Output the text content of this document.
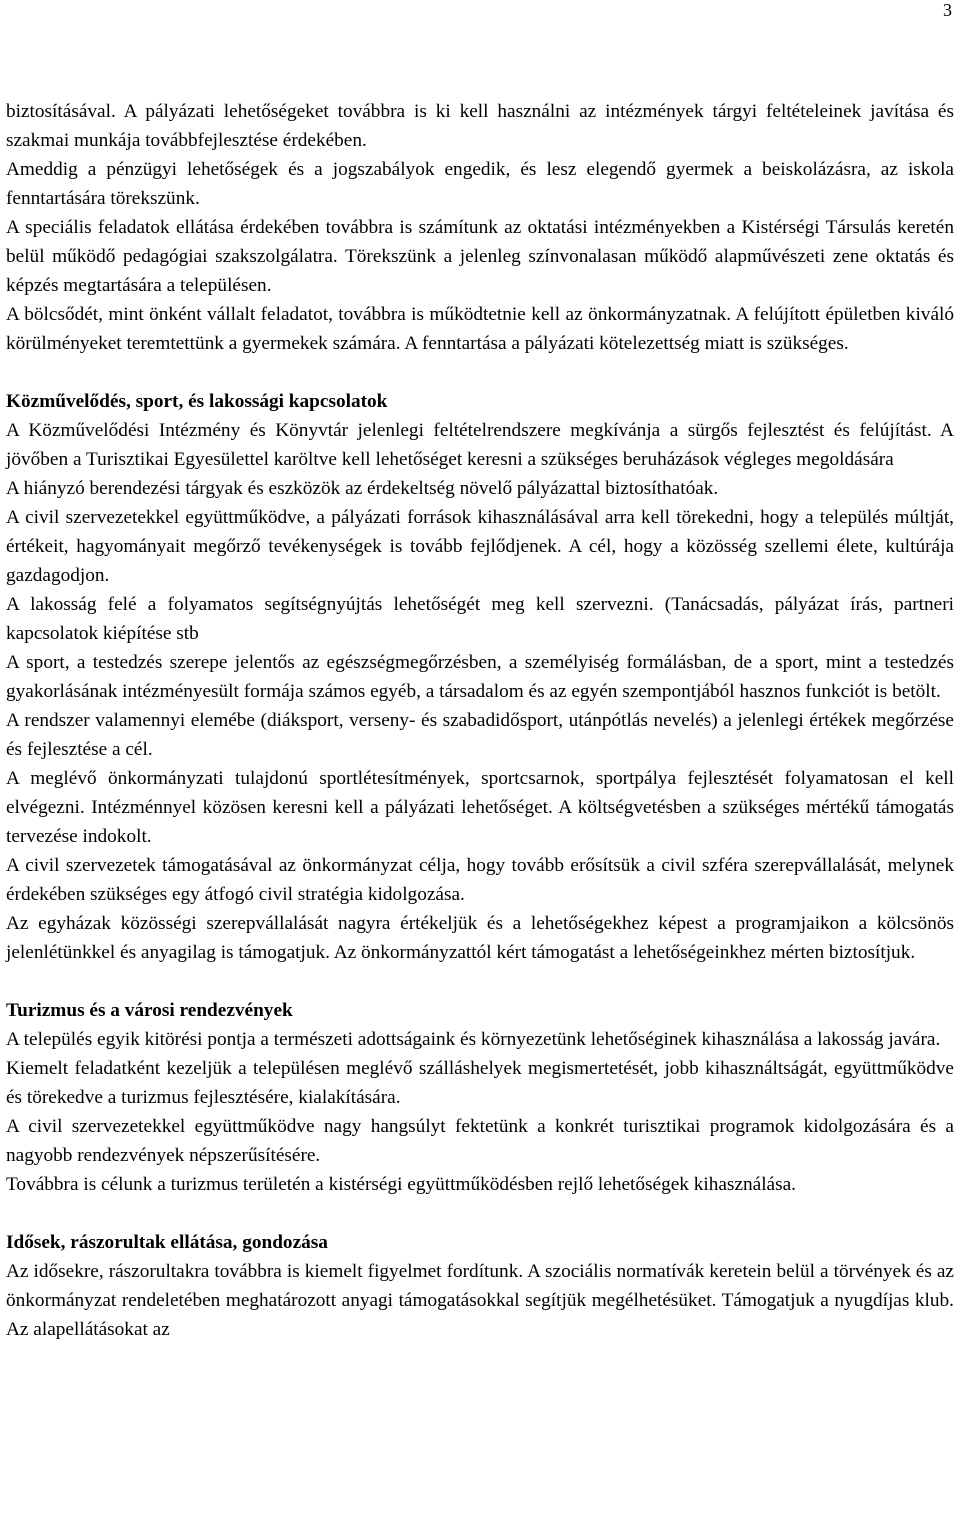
3

biztosításával. A pályázati lehetőségeket továbbra is ki kell használni az intézmények tárgyi feltételeinek javítása és szakmai munkája továbbfejlesztése érdekében.

Ameddig a pénzügyi lehetőségek és a jogszabályok engedik, és lesz elegendő gyermek a beiskolázásra, az iskola fenntartására törekszünk.

A speciális feladatok ellátása érdekében továbbra is számítunk az oktatási intézményekben a Kistérségi Társulás keretén belül működő pedagógiai szakszolgálatra. Törekszünk a jelenleg színvonalasan működő alapművészeti zene oktatás és képzés megtartására a településen.

A bölcsődét, mint önként vállalt feladatot, továbbra is működtetnie kell az önkormányzatnak. A felújított épületben kiváló körülményeket teremtettünk a gyermekek számára. A fenntartása a pályázati kötelezettség miatt is szükséges.

Közművelődés, sport, és lakossági kapcsolatok

A Közművelődési Intézmény és Könyvtár jelenlegi feltételrendszere megkívánja a sürgős fejlesztést és felújítást. A jövőben a Turisztikai Egyesülettel karöltve kell lehetőséget keresni a szükséges beruházások végleges megoldására

A hiányzó berendezési tárgyak és eszközök az érdekeltség növelő pályázattal biztosíthatóak.

A civil szervezetekkel együttműködve, a pályázati források kihasználásával arra kell törekedni, hogy a település múltját, értékeit, hagyományait megőrző tevékenységek is tovább fejlődjenek. A cél, hogy a közösség szellemi élete, kultúrája gazdagodjon.

A lakosság felé a folyamatos segítségnyújtás lehetőségét meg kell szervezni. (Tanácsadás, pályázat írás, partneri kapcsolatok kiépítése stb

A sport, a testedzés szerepe jelentős az egészségmegőrzésben, a személyiség formálásban, de a sport, mint a testedzés gyakorlásának intézményesült formája számos egyéb, a társadalom és az egyén szempontjából hasznos funkciót is betölt.

A rendszer valamennyi elemébe (diáksport, verseny- és szabadidősport, utánpótlás nevelés) a jelenlegi értékek megőrzése és fejlesztése a cél.

A meglévő önkormányzati tulajdonú sportlétesítmények, sportcsarnok, sportpálya fejlesztését folyamatosan el kell elvégezni. Intézménnyel közösen keresni kell a pályázati lehetőséget. A költségvetésben a szükséges mértékű támogatás tervezése indokolt.

A civil szervezetek támogatásával az önkormányzat célja, hogy tovább erősítsük a civil szféra szerepvállalását, melynek érdekében szükséges egy átfogó civil stratégia kidolgozása.

Az egyházak közösségi szerepvállalását nagyra értékeljük és a lehetőségekhez képest a programjaikon a kölcsönös jelenlétünkkel és anyagilag is támogatjuk. Az önkormányzattól kért támogatást a lehetőségeinkhez mérten biztosítjuk.

Turizmus és a városi rendezvények

A település egyik kitörési pontja a természeti adottságaink és környezetünk lehetőséginek kihasználása a lakosság javára.

Kiemelt feladatként kezeljük a településen meglévő szálláshelyek megismertetését, jobb kihasználtságát, együttműködve és törekedve a turizmus fejlesztésére, kialakítására.

A civil szervezetekkel együttműködve nagy hangsúlyt fektetünk a konkrét turisztikai programok kidolgozására és a nagyobb rendezvények népszerűsítésére.

Továbbra is célunk a turizmus területén a kistérségi együttműködésben rejlő lehetőségek kihasználása.

Idősek, rászorultak ellátása, gondozása

Az idősekre, rászorultakra továbbra is kiemelt figyelmet fordítunk. A szociális normatívák keretein belül a törvények és az önkormányzat rendeletében meghatározott anyagi támogatásokkal segítjük megélhetésüket. Támogatjuk a nyugdíjas klub. Az alapellátásokat az
